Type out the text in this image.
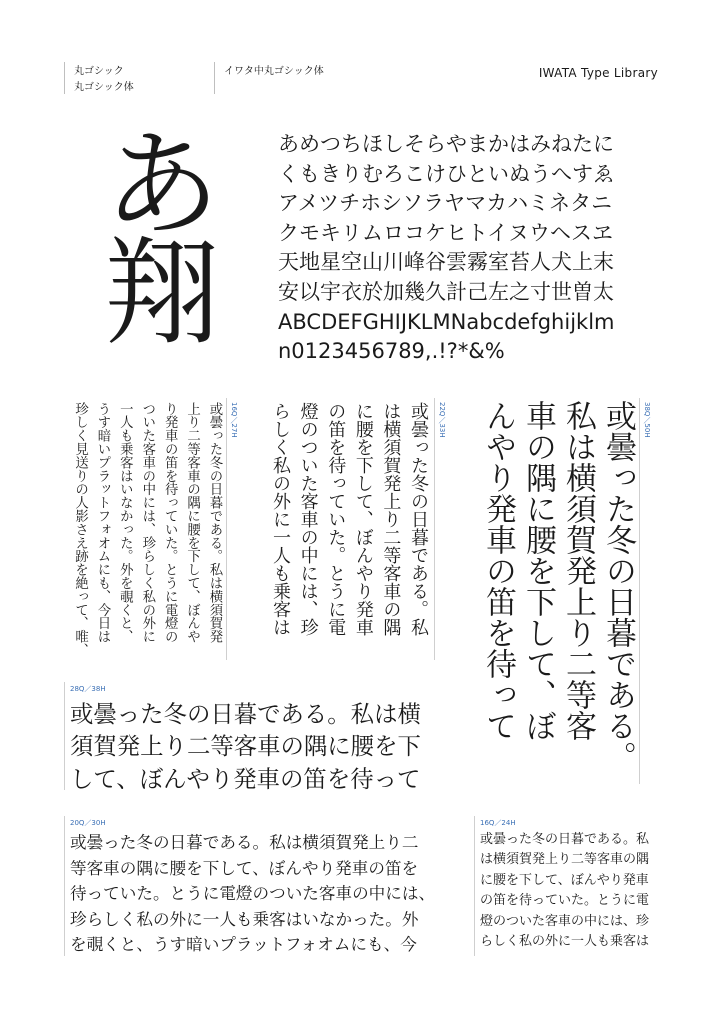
丸ゴシック
丸ゴシック体
イワタ中丸ゴシック体	IWATA Type Library
あ
翔
あめつちほしそらやまかはみねたに
くもきりむろこけひといぬうへすゑ
アメツチホシソラヤマカハミネタニ
クモキリムロコケヒトイヌウヘスヱ
天地星空山川峰谷雲霧室苔人犬上末
安以宇衣於加幾久計己左之寸世曽太
ABCDEFGHIJKLMNabcdefghijklm
n0123456789,.!?*&%
38Q／50H
或曇った冬の日暮である。
私は横須賀発上り二等客
車の隅に腰を下して、ぼ
んやり発車の笛を待って
22Q／33H
或曇った冬の日暮である。私
は横須賀発上り二等客車の隅
に腰を下して、ぼんやり発車
の笛を待っていた。とうに電
燈のついた客車の中には、珍
らしく私の外に一人も乗客は
16Q／27H
或曇った冬の日暮である。私は横須賀発
上り二等客車の隅に腰を下して、ぼんや
り発車の笛を待っていた。とうに電燈の
ついた客車の中には、珍らしく私の外に
一人も乗客はいなかった。外を覗くと、
うす暗いプラットフォオムにも、今日は
珍しく見送りの人影さえ跡を絶って、唯、
28Q／38H
或曇った冬の日暮である。私は横
須賀発上り二等客車の隅に腰を下
して、ぼんやり発車の笛を待って
20Q／30H
或曇った冬の日暮である。私は横須賀発上り二
等客車の隅に腰を下して、ぼんやり発車の笛を
待っていた。とうに電燈のついた客車の中には、
珍らしく私の外に一人も乗客はいなかった。外
を覗くと、うす暗いプラットフォオムにも、今
16Q／24H
或曇った冬の日暮である。私
は横須賀発上り二等客車の隅
に腰を下して、ぼんやり発車
の笛を待っていた。とうに電
燈のついた客車の中には、珍
らしく私の外に一人も乗客は
